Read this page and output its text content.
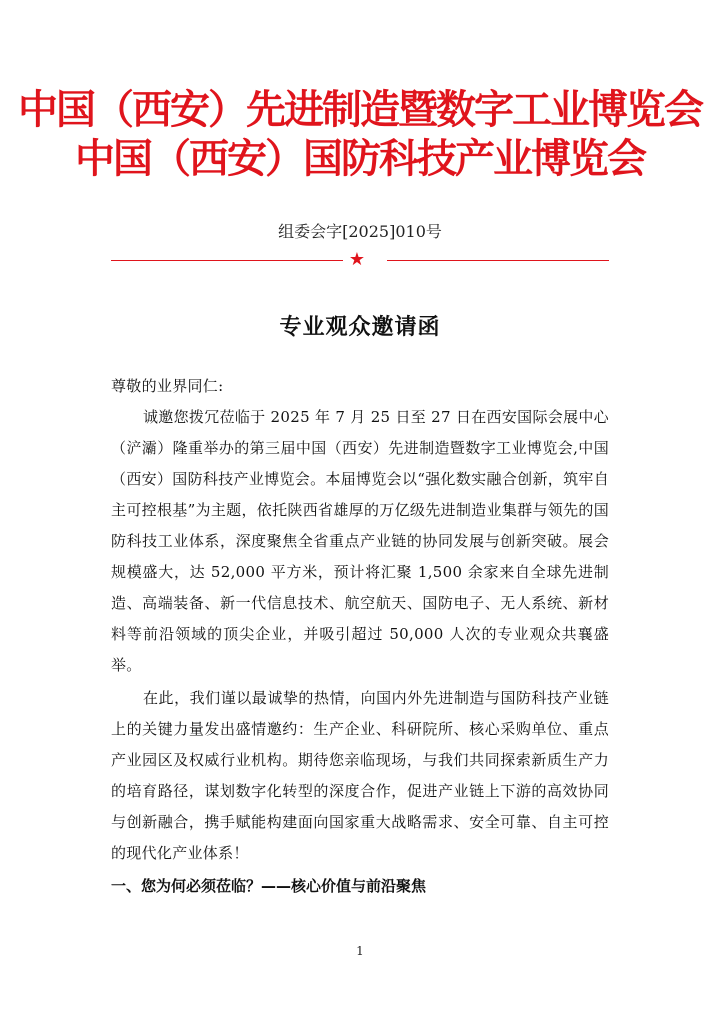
中国（西安）先进制造暨数字工业博览会
中国（西安）国防科技产业博览会
组委会字[2025]010号
★
专业观众邀请函
尊敬的业界同仁:
诚邀您拨冗莅临于 2025 年 7 月 25 日至 27 日在西安国际会展中心（浐灞）隆重举办的第三届中国（西安）先进制造暨数字工业博览会,中国（西安）国防科技产业博览会。本届博览会以“强化数实融合创新，筑牢自主可控根基”为主题，依托陕西省雄厚的万亿级先进制造业集群与领先的国防科技工业体系，深度聚焦全省重点产业链的协同发展与创新突破。展会规模盛大，达 52,000 平方米，预计将汇聚 1,500 余家来自全球先进制造、高端装备、新一代信息技术、航空航天、国防电子、无人系统、新材料等前沿领域的顶尖企业，并吸引超过 50,000 人次的专业观众共襄盛举。
在此，我们谨以最诚挚的热情，向国内外先进制造与国防科技产业链上的关键力量发出盛情邀约：生产企业、科研院所、核心采购单位、重点产业园区及权威行业机构。期待您亲临现场，与我们共同探索新质生产力的培育路径，谋划数字化转型的深度合作，促进产业链上下游的高效协同与创新融合，携手赋能构建面向国家重大战略需求、安全可靠、自主可控的现代化产业体系！
一、您为何必须莅临？——核心价值与前沿聚焦
1
